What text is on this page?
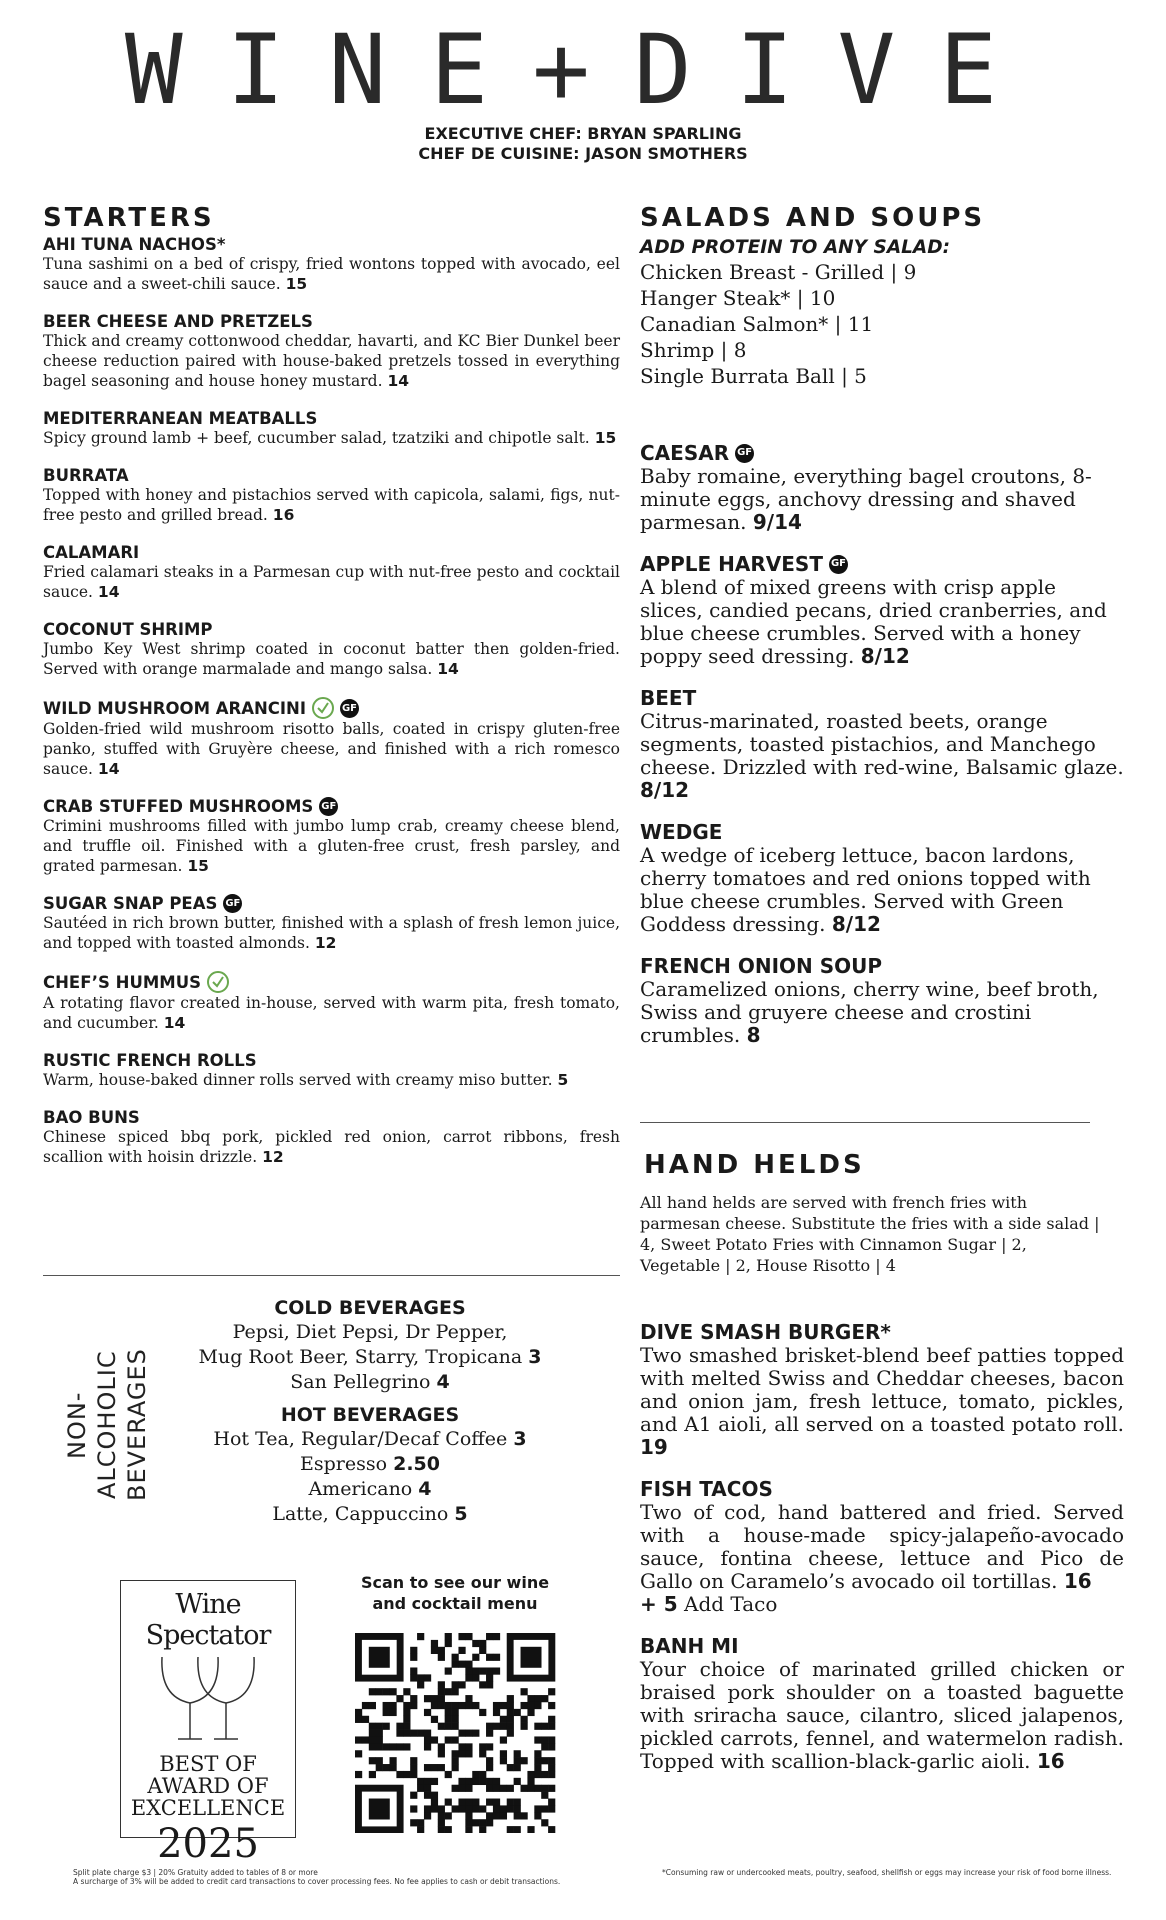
WINE+DIVE
EXECUTIVE CHEF: BRYAN SPARLING
CHEF DE CUISINE: JASON SMOTHERS
STARTERS
AHI TUNA NACHOS*
Tuna sashimi on a bed of crispy, fried wontons topped with avocado, eel sauce and a sweet-chili sauce. 15
BEER CHEESE AND PRETZELS
Thick and creamy cottonwood cheddar, havarti, and KC Bier Dunkel beer cheese reduction paired with house-baked pretzels tossed in everything bagel seasoning and house honey mustard. 14
MEDITERRANEAN MEATBALLS
Spicy ground lamb + beef, cucumber salad, tzatziki and chipotle salt. 15
BURRATA
Topped with honey and pistachios served with capicola, salami, figs, nut-free pesto and grilled bread. 16
CALAMARI
Fried calamari steaks in a Parmesan cup with nut-free pesto and cocktail sauce. 14
COCONUT SHRIMP
Jumbo Key West shrimp coated in coconut batter then golden-fried. Served with orange marmalade and mango salsa. 14
WILD MUSHROOM ARANCINI	GF
Golden-fried wild mushroom risotto balls, coated in crispy gluten-free panko, stuffed with Gruyère cheese, and finished with a rich romesco sauce. 14
CRAB STUFFED MUSHROOMS GF
Crimini mushrooms filled with jumbo lump crab, creamy cheese blend, and truffle oil. Finished with a gluten-free crust, fresh parsley, and grated parmesan. 15
SUGAR SNAP PEAS GF
Sautéed in rich brown butter, finished with a splash of fresh lemon juice, and topped with toasted almonds. 12
CHEF’S HUMMUS
A rotating flavor created in-house, served with warm pita, fresh tomato, and cucumber. 14
RUSTIC FRENCH ROLLS
Warm, house-baked dinner rolls served with creamy miso butter. 5
BAO BUNS
Chinese spiced bbq pork, pickled red onion, carrot ribbons, fresh scallion with hoisin drizzle. 12
SALADS AND SOUPS
ADD PROTEIN TO ANY SALAD:
Chicken Breast - Grilled | 9
Hanger Steak* | 10
Canadian Salmon* | 11
Shrimp | 8
Single Burrata Ball | 5
CAESAR GF
Baby romaine, everything bagel croutons, 8-minute eggs, anchovy dressing and shaved parmesan. 9/14
APPLE HARVEST GF
A blend of mixed greens with crisp apple slices, candied pecans, dried cranberries, and blue cheese crumbles. Served with a honey poppy seed dressing. 8/12
BEET
Citrus-marinated, roasted beets, orange segments, toasted pistachios, and Manchego cheese. Drizzled with red-wine, Balsamic glaze. 8/12
WEDGE
A wedge of iceberg lettuce, bacon lardons, cherry tomatoes and red onions topped with blue cheese crumbles. Served with Green Goddess dressing. 8/12
FRENCH ONION SOUP
Caramelized onions, cherry wine, beef broth, Swiss and gruyere cheese and crostini crumbles. 8
HAND HELDS
All hand helds are served with french fries with parmesan cheese. Substitute the fries with a side salad | 4, Sweet Potato Fries with Cinnamon Sugar | 2, Vegetable | 2, House Risotto | 4
DIVE SMASH BURGER*
Two smashed brisket-blend beef patties topped with melted Swiss and Cheddar cheeses, bacon and onion jam, fresh lettuce, tomato, pickles, and A1 aioli, all served on a toasted potato roll. 19
FISH TACOS
Two of cod, hand battered and fried. Served with a house-made spicy-jalapeño-avocado sauce, fontina cheese, lettuce and Pico de Gallo on Caramelo’s avocado oil tortillas. 16
+ 5 Add Taco
BANH MI
Your choice of marinated grilled chicken or braised pork shoulder on a toasted baguette with sriracha sauce, cilantro, sliced jalapenos, pickled carrots, fennel, and watermelon radish. Topped with scallion-black-garlic aioli. 16
NON-ALCOHOLIC
BEVERAGES
COLD BEVERAGES
Pepsi, Diet Pepsi, Dr Pepper,
Mug Root Beer, Starry, Tropicana 3
San Pellegrino 4
HOT BEVERAGES
Hot Tea, Regular/Decaf Coffee 3
Espresso 2.50
Americano 4
Latte, Cappuccino 5
Wine Spectator
BEST OF
AWARD OF
EXCELLENCE
2025
Scan to see our wine
and cocktail menu
Split plate charge $3 | 20% Gratuity added to tables of 8 or more
A surcharge of 3% will be added to credit card transactions to cover processing fees. No fee applies to cash or debit transactions.
*Consuming raw or undercooked meats, poultry, seafood, shellfish or eggs may increase your risk of food borne illness.
